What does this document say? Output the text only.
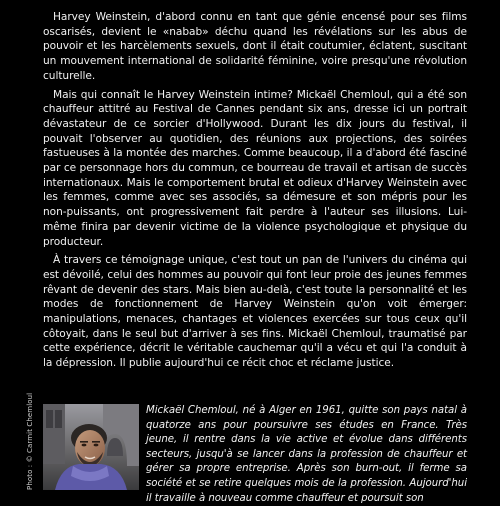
Harvey Weinstein, d'abord connu en tant que génie encensé pour ses films oscarisés, devient le «nabab» déchu quand les révélations sur les abus de pouvoir et les harcèlements sexuels, dont il était coutumier, éclatent, suscitant un mouvement international de solidarité féminine, voire presqu'une révolution culturelle.

Mais qui connaît le Harvey Weinstein intime? Mickaël Chemloul, qui a été son chauffeur attitré au Festival de Cannes pendant six ans, dresse ici un portrait dévastateur de ce sorcier d'Hollywood. Durant les dix jours du festival, il pouvait l'observer au quotidien, des réunions aux projections, des soirées fastueuses à la montée des marches. Comme beaucoup, il a d'abord été fasciné par ce personnage hors du commun, ce bourreau de travail et artisan de succès internationaux. Mais le comportement brutal et odieux d'Harvey Weinstein avec les femmes, comme avec ses associés, sa démesure et son mépris pour les non-puissants, ont progressivement fait perdre à l'auteur ses illusions. Lui-même finira par devenir victime de la violence psychologique et physique du producteur.

À travers ce témoignage unique, c'est tout un pan de l'univers du cinéma qui est dévoilé, celui des hommes au pouvoir qui font leur proie des jeunes femmes rêvant de devenir des stars. Mais bien au-delà, c'est toute la personnalité et les modes de fonctionnement de Harvey Weinstein qu'on voit émerger: manipulations, menaces, chantages et violences exercées sur tous ceux qu'il côtoyait, dans le seul but d'arriver à ses fins. Mickaël Chemloul, traumatisé par cette expérience, décrit le véritable cauchemar qu'il a vécu et qui l'a conduit à la dépression. Il publie aujourd'hui ce récit choc et réclame justice.

Photo : © Carmit Chemloul	Mickaël Chemloul, né à Alger en 1961, quitte son pays natal à quatorze ans pour poursuivre ses études en France. Très jeune, il rentre dans la vie active et évolue dans différents secteurs, jusqu'à se lancer dans la profession de chauffeur et gérer sa propre entreprise. Après son burn-out, il ferme sa société et se retire quelques mois de la profession. Aujourd'hui il travaille à nouveau comme chauffeur et poursuit son
